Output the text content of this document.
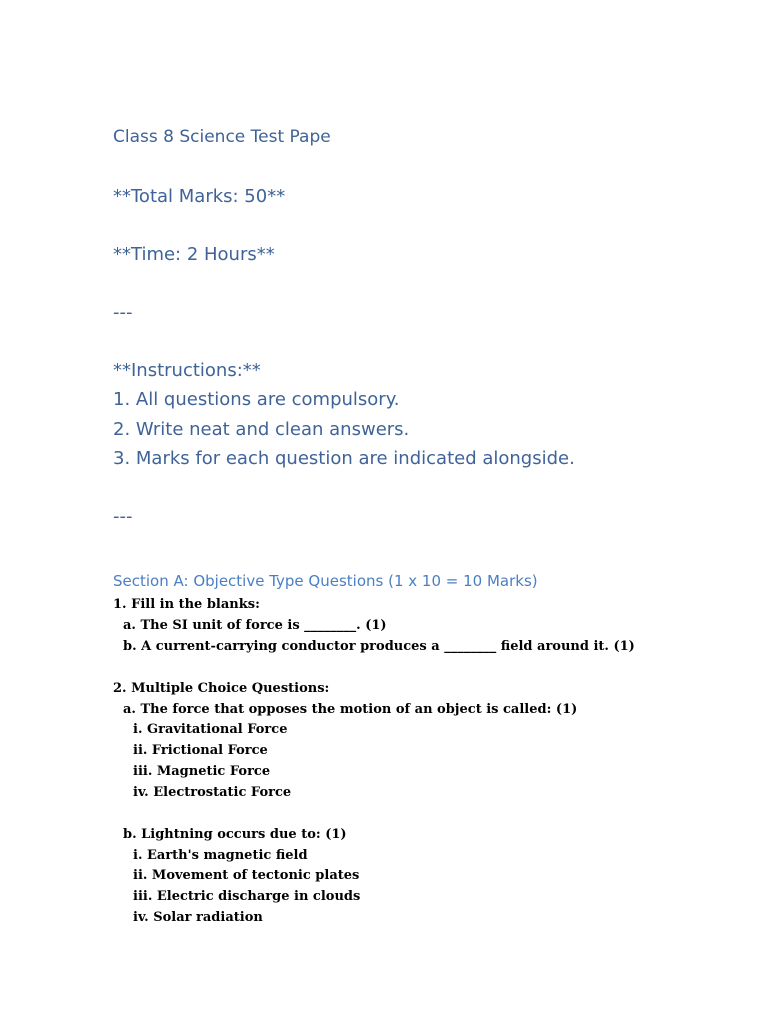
Class 8 Science Test Pape
**Total Marks: 50**
**Time: 2 Hours**
---
**Instructions:**
1. All questions are compulsory.
2. Write neat and clean answers.
3. Marks for each question are indicated alongside.
---
Section A: Objective Type Questions (1 x 10 = 10 Marks)
1. Fill in the blanks:
a. The SI unit of force is ________. (1)
b. A current-carrying conductor produces a ________ field around it. (1)
2. Multiple Choice Questions:
a. The force that opposes the motion of an object is called: (1)
i. Gravitational Force
ii. Frictional Force
iii. Magnetic Force
iv. Electrostatic Force
b. Lightning occurs due to: (1)
i. Earth's magnetic field
ii. Movement of tectonic plates
iii. Electric discharge in clouds
iv. Solar radiation
